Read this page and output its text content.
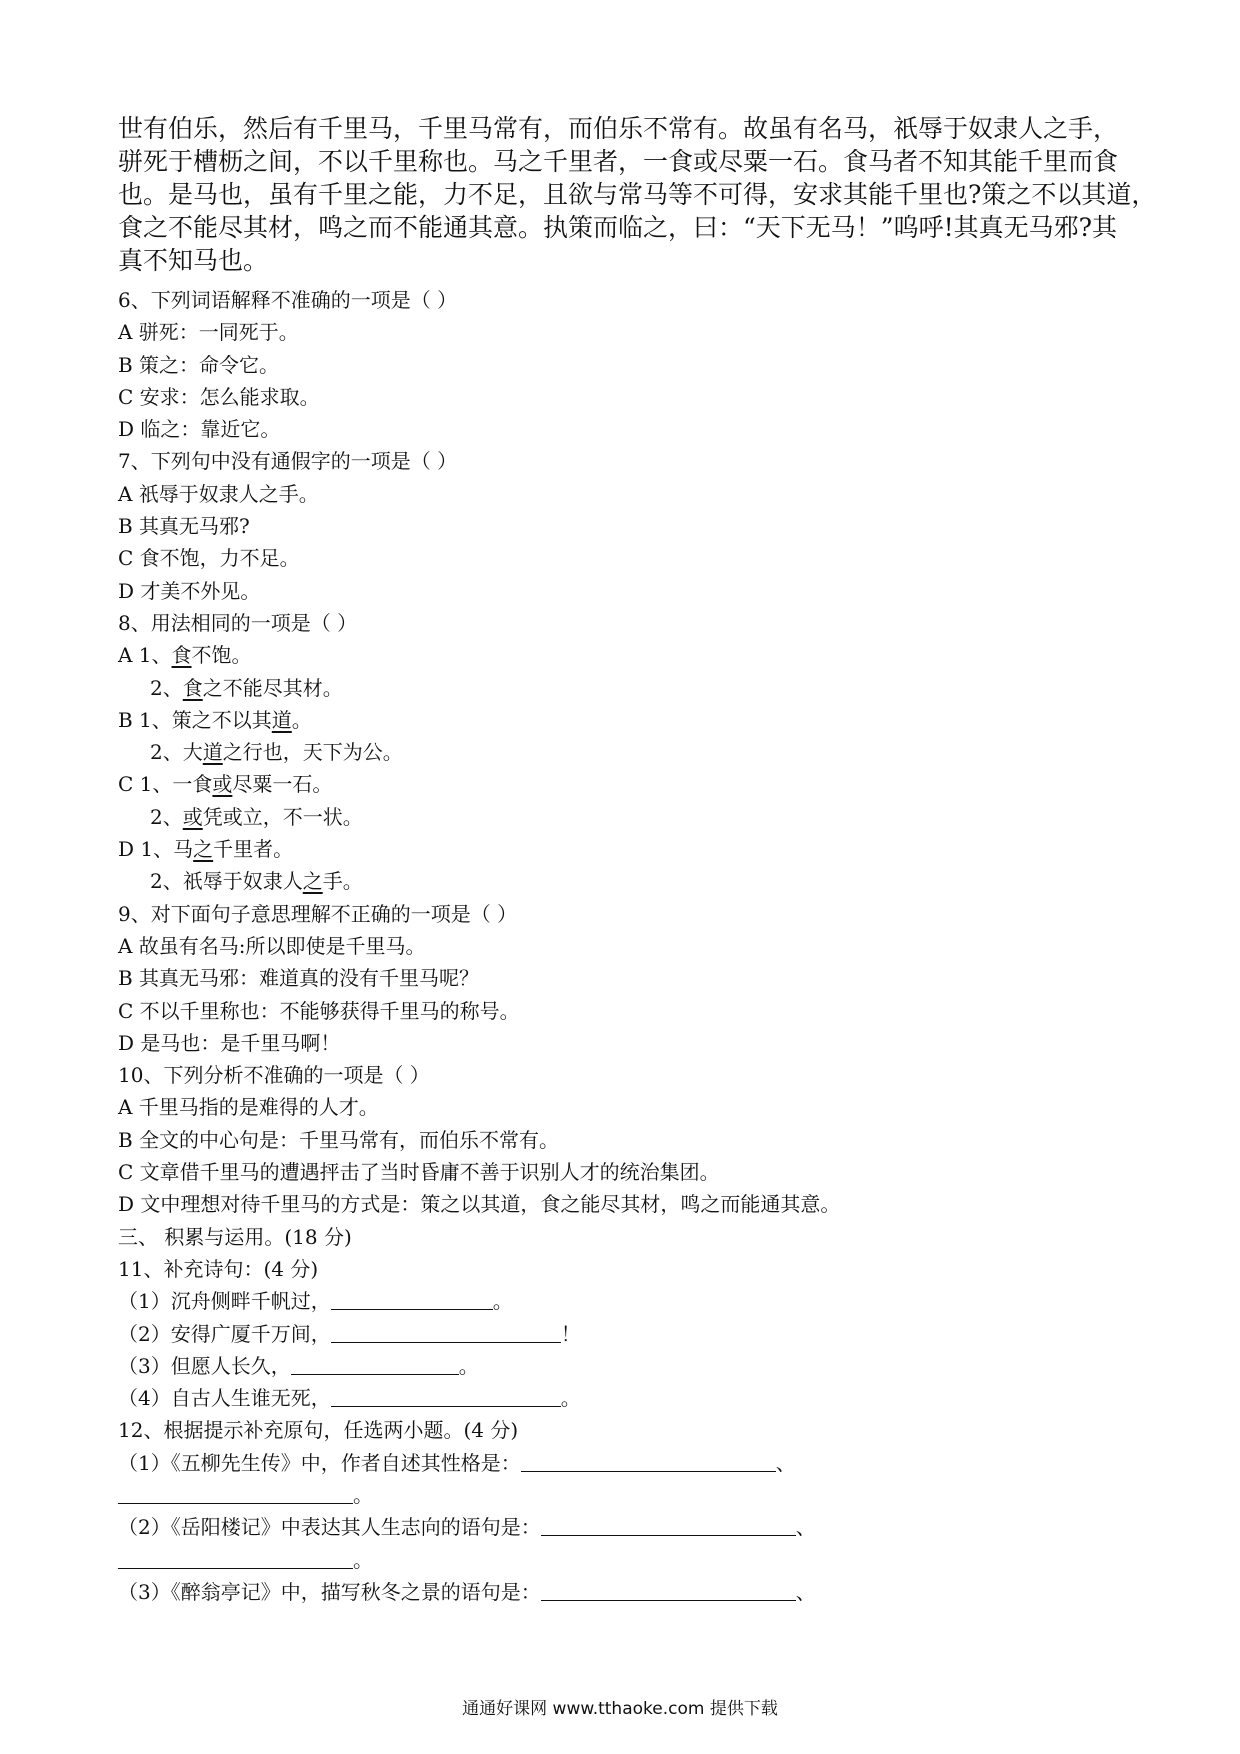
世有伯乐，然后有千里马，千里马常有，而伯乐不常有。故虽有名马，祇辱于奴隶人之手，

骈死于槽枥之间，不以千里称也。马之千里者，一食或尽粟一石。食马者不知其能千里而食

也。是马也，虽有千里之能，力不足，且欲与常马等不可得，安求其能千里也?策之不以其道，

食之不能尽其材，鸣之而不能通其意。执策而临之，曰：“天下无马！”呜呼!其真无马邪?其

真不知马也。

6、下列词语解释不准确的一项是（ ）
A 骈死：一同死于。
B 策之：命令它。
C 安求：怎么能求取。
D 临之：靠近它。
7、下列句中没有通假字的一项是（ ）
A 祇辱于奴隶人之手。
B 其真无马邪?
C 食不饱，力不足。
D 才美不外见。
8、用法相同的一项是（ ）
A 1、食不饱。
2、食之不能尽其材。
B 1、策之不以其道。
2、大道之行也，天下为公。
C 1、一食或尽粟一石。
2、或凭或立，不一状。
D 1、马之千里者。
2、祇辱于奴隶人之手。
9、对下面句子意思理解不正确的一项是（ ）
A 故虽有名马:所以即使是千里马。
B 其真无马邪：难道真的没有千里马呢？
C 不以千里称也：不能够获得千里马的称号。
D 是马也：是千里马啊！
10、下列分析不准确的一项是（ ）
A 千里马指的是难得的人才。
B 全文的中心句是：千里马常有，而伯乐不常有。
C 文章借千里马的遭遇抨击了当时昏庸不善于识别人才的统治集团。
D 文中理想对待千里马的方式是：策之以其道，食之能尽其材，鸣之而能通其意。
三、 积累与运用。(18 分)
11、补充诗句：(4 分)
（1）沉舟侧畔千帆过，	。
（2）安得广厦千万间，	！
（3）但愿人长久，	。
（4）自古人生谁无死，	。
12、根据提示补充原句，任选两小题。(4 分)
（1）《五柳先生传》中，作者自述其性格是：	、
。
（2）《岳阳楼记》中表达其人生志向的语句是：	、
。
（3）《醉翁亭记》中，描写秋冬之景的语句是：	、
通通好课网 www.tthaoke.com 提供下载
